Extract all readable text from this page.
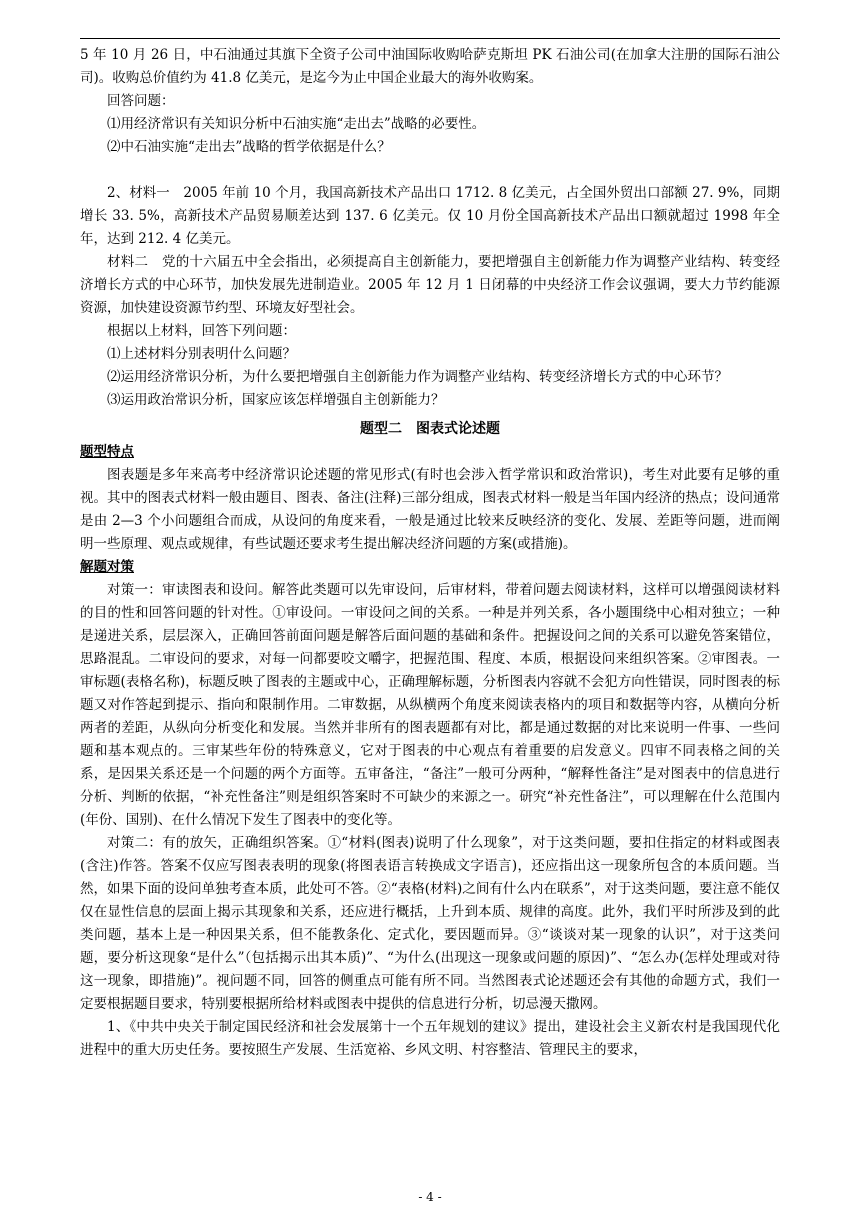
5 年 10 月 26 日，中石油通过其旗下全资子公司中油国际收购哈萨克斯坦 PK 石油公司(在加拿大注册的国际石油公司)。收购总价值约为 41.8 亿美元，是迄今为止中国企业最大的海外收购案。

回答问题：

⑴用经济常识有关知识分析中石油实施“走出去”战略的必要性。

⑵中石油实施“走出去”战略的哲学依据是什么？

2、材料一　2005 年前 10 个月，我国高新技术产品出口 1712. 8 亿美元，占全国外贸出口部额 27. 9%，同期增长 33. 5%，高新技术产品贸易顺差达到 137. 6 亿美元。仅 10 月份全国高新技术产品出口额就超过 1998 年全年，达到 212. 4 亿美元。

材料二　党的十六届五中全会指出，必须提高自主创新能力，要把增强自主创新能力作为调整产业结构、转变经济增长方式的中心环节，加快发展先进制造业。2005 年 12 月 1 日闭幕的中央经济工作会议强调，要大力节约能源资源，加快建设资源节约型、环境友好型社会。

根据以上材料，回答下列问题：

⑴上述材料分别表明什么问题？

⑵运用经济常识分析，为什么要把增强自主创新能力作为调整产业结构、转变经济增长方式的中心环节？

⑶运用政治常识分析，国家应该怎样增强自主创新能力？

题型二　图表式论述题
题型特点

图表题是多年来高考中经济常识论述题的常见形式(有时也会涉入哲学常识和政治常识)，考生对此要有足够的重视。其中的图表式材料一般由题目、图表、备注(注释)三部分组成，图表式材料一般是当年国内经济的热点；设问通常是由 2—3 个小问题组合而成，从设问的角度来看，一般是通过比较来反映经济的变化、发展、差距等问题，进而阐明一些原理、观点或规律，有些试题还要求考生提出解决经济问题的方案(或措施)。

解题对策

对策一：审读图表和设问。解答此类题可以先审设问，后审材料，带着问题去阅读材料，这样可以增强阅读材料的目的性和回答问题的针对性。①审设问。一审设问之间的关系。一种是并列关系，各小题围绕中心相对独立；一种是递进关系，层层深入，正确回答前面问题是解答后面问题的基础和条件。把握设问之间的关系可以避免答案错位，思路混乱。二审设问的要求，对每一问都要咬文嚼字，把握范围、程度、本质，根据设问来组织答案。②审图表。一审标题(表格名称)，标题反映了图表的主题或中心，正确理解标题，分析图表内容就不会犯方向性错误，同时图表的标题又对作答起到提示、指向和限制作用。二审数据，从纵横两个角度来阅读表格内的项目和数据等内容，从横向分析两者的差距，从纵向分析变化和发展。当然并非所有的图表题都有对比，都是通过数据的对比来说明一件事、一些问题和基本观点的。三审某些年份的特殊意义，它对于图表的中心观点有着重要的启发意义。四审不同表格之间的关系，是因果关系还是一个问题的两个方面等。五审备注，“备注”一般可分两种，“解释性备注”是对图表中的信息进行分析、判断的依据，“补充性备注”则是组织答案时不可缺少的来源之一。研究“补充性备注”，可以理解在什么范围内(年份、国别)、在什么情况下发生了图表中的变化等。

对策二：有的放矢，正确组织答案。①“材料(图表)说明了什么现象”，对于这类问题，要扣住指定的材料或图表(含注)作答。答案不仅应写图表表明的现象(将图表语言转换成文字语言)，还应指出这一现象所包含的本质问题。当然，如果下面的设问单独考查本质，此处可不答。②“表格(材料)之间有什么内在联系”，对于这类问题，要注意不能仅仅在显性信息的层面上揭示其现象和关系，还应进行概括，上升到本质、规律的高度。此外，我们平时所涉及到的此类问题，基本上是一种因果关系，但不能教条化、定式化，要因题而异。③“谈谈对某一现象的认识”，对于这类问题，要分析这现象“是什么”（包括揭示出其本质)”、“为什么(出现这一现象或问题的原因)”、“怎么办(怎样处理或对待这一现象，即措施)”。视问题不同，回答的侧重点可能有所不同。当然图表式论述题还会有其他的命题方式，我们一定要根据题目要求，特别要根据所给材料或图表中提供的信息进行分析，切忌漫天撒网。

1、《中共中央关于制定国民经济和社会发展第十一个五年规划的建议》提出，建设社会主义新农村是我国现代化进程中的重大历史任务。要按照生产发展、生活宽裕、乡风文明、村容整洁、管理民主的要求，

- 4 -
